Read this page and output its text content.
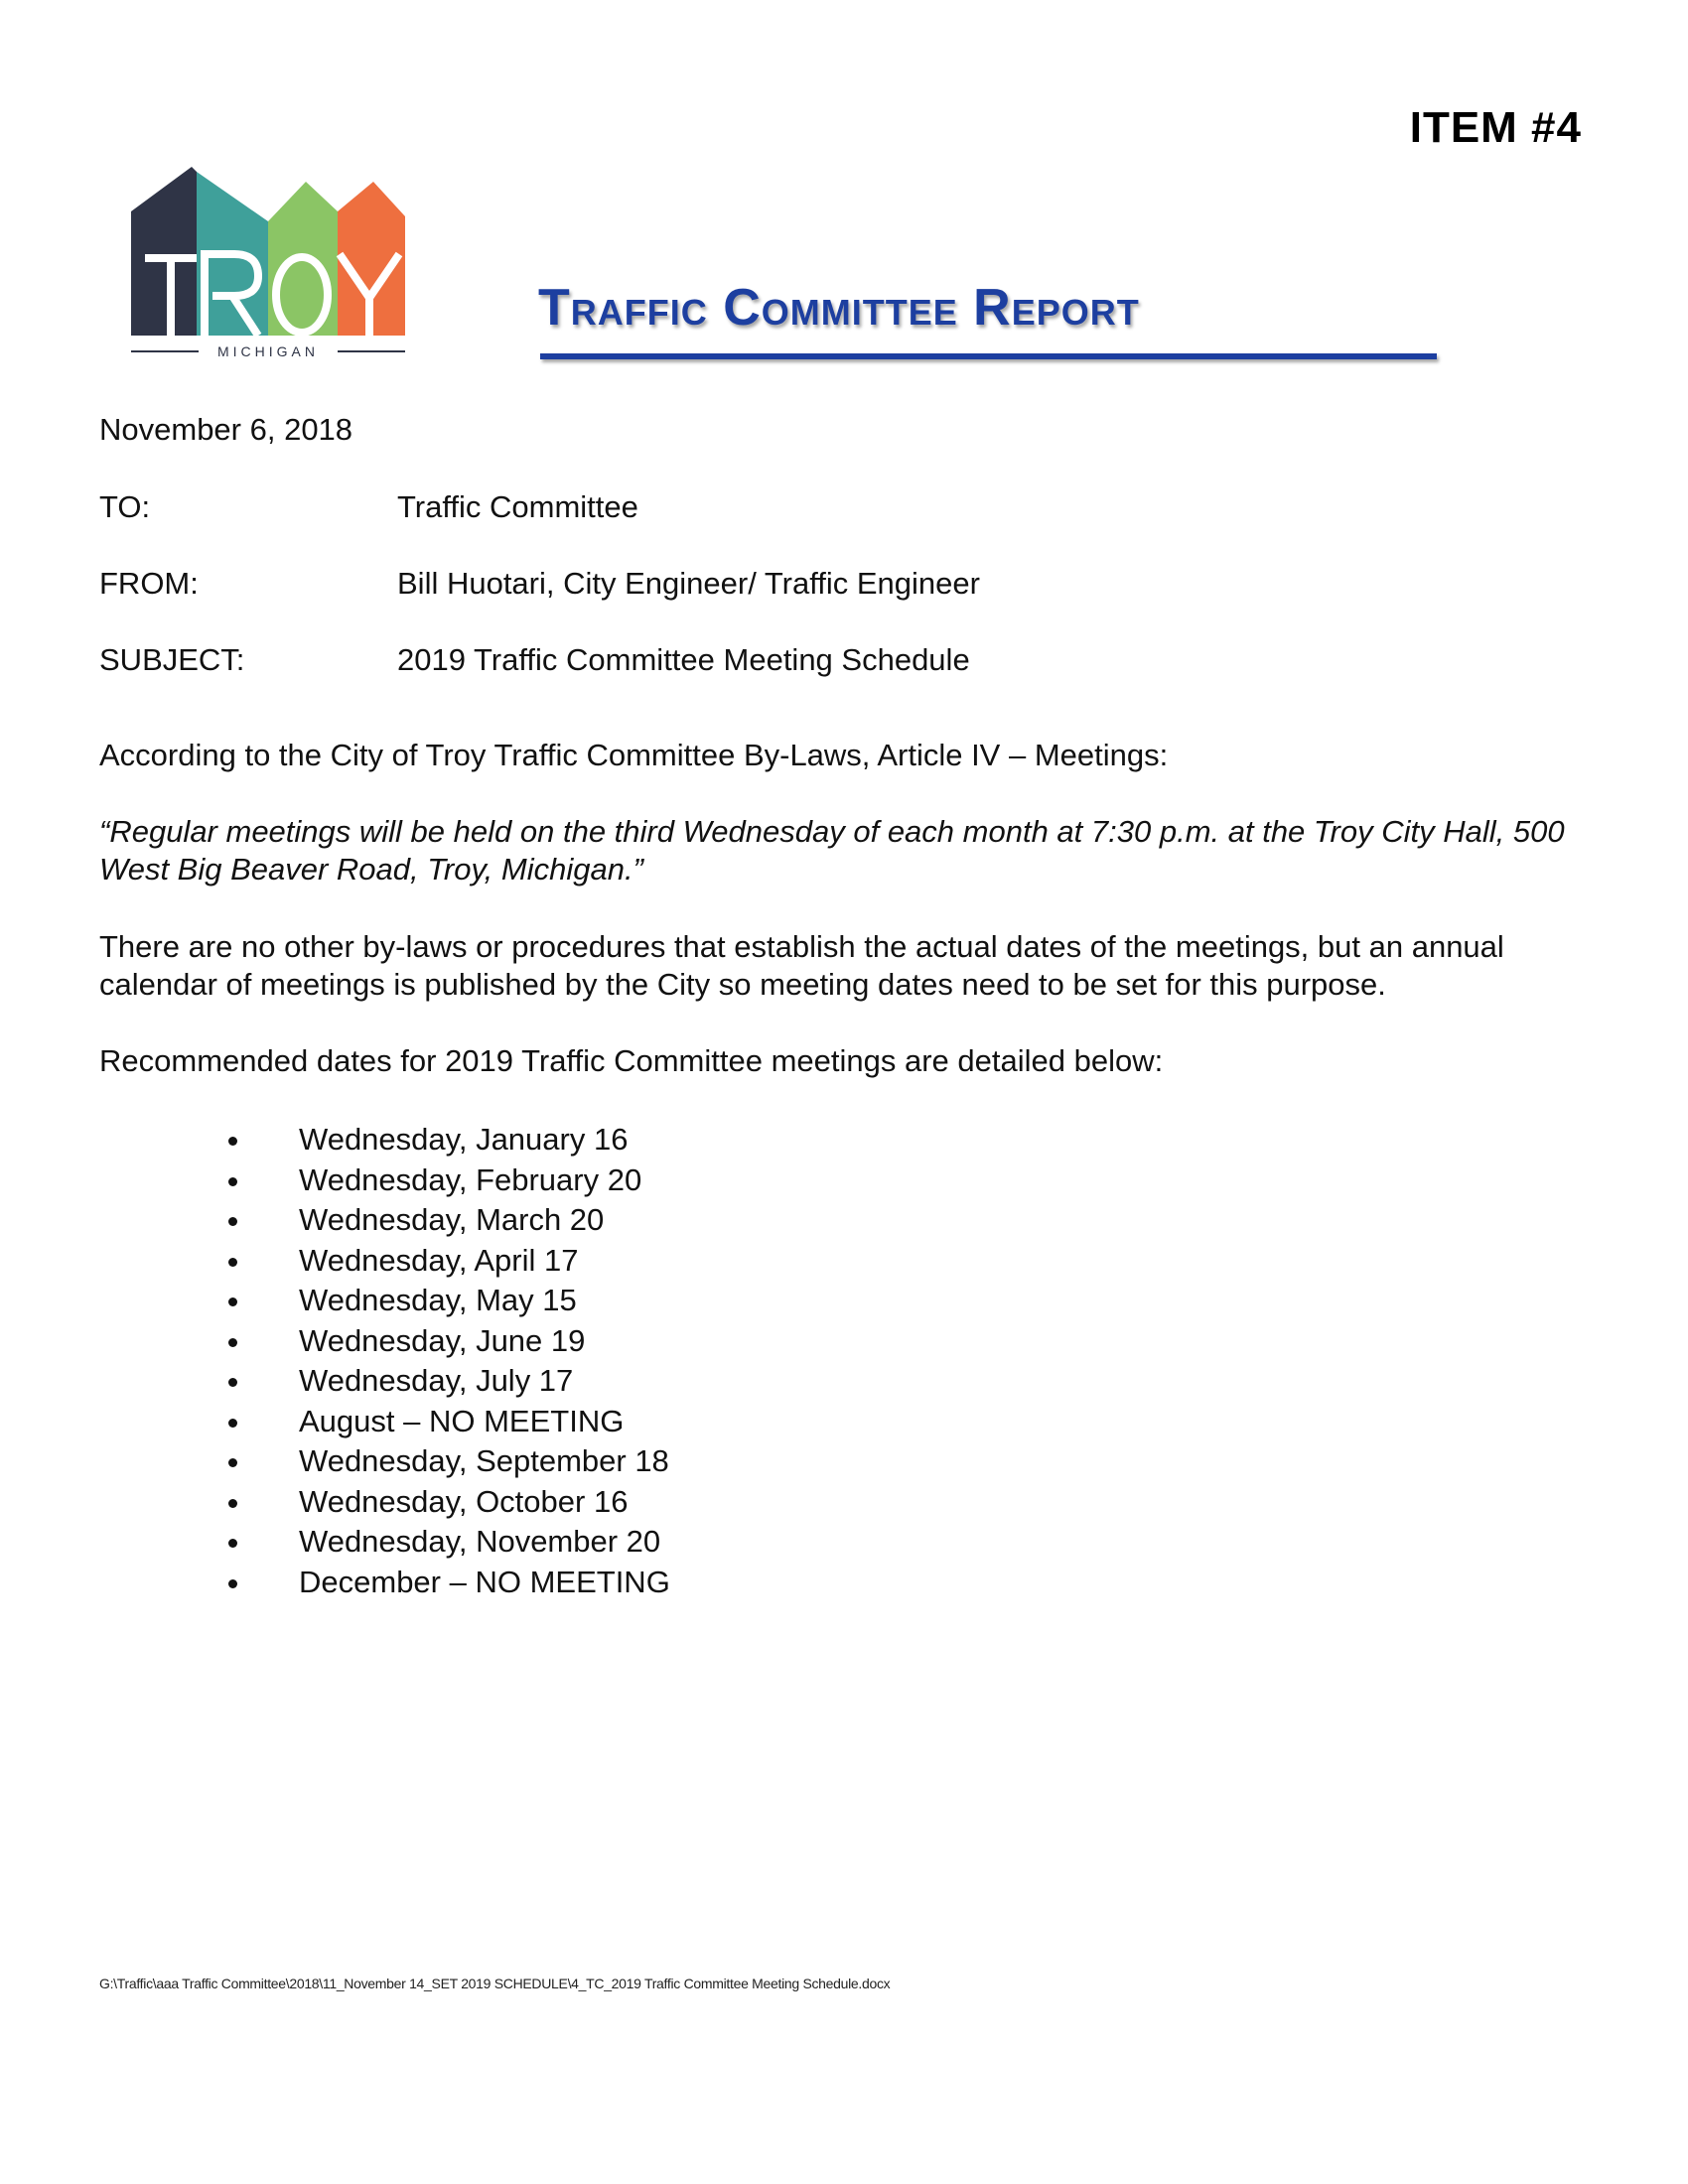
ITEM #4
MICHIGAN
Traffic Committee Report
November 6, 2018
TO:	Traffic Committee
FROM:	Bill Huotari, City Engineer/ Traffic Engineer
SUBJECT:	2019 Traffic Committee Meeting Schedule
According to the City of Troy Traffic Committee By-Laws, Article IV – Meetings:
“Regular meetings will be held on the third Wednesday of each month at 7:30 p.m. at the Troy City Hall, 500 West Big Beaver Road, Troy, Michigan.”
There are no other by-laws or procedures that establish the actual dates of the meetings, but an annual calendar of meetings is published by the City so meeting dates need to be set for this purpose.
Recommended dates for 2019 Traffic Committee meetings are detailed below:
Wednesday, January 16
Wednesday, February 20
Wednesday, March 20
Wednesday, April 17
Wednesday, May 15
Wednesday, June 19
Wednesday, July 17
August – NO MEETING
Wednesday, September 18
Wednesday, October 16
Wednesday, November 20
December – NO MEETING
G:\Traffic\aaa Traffic Committee\2018\11_November 14_SET 2019 SCHEDULE\4_TC_2019 Traffic Committee Meeting Schedule.docx
